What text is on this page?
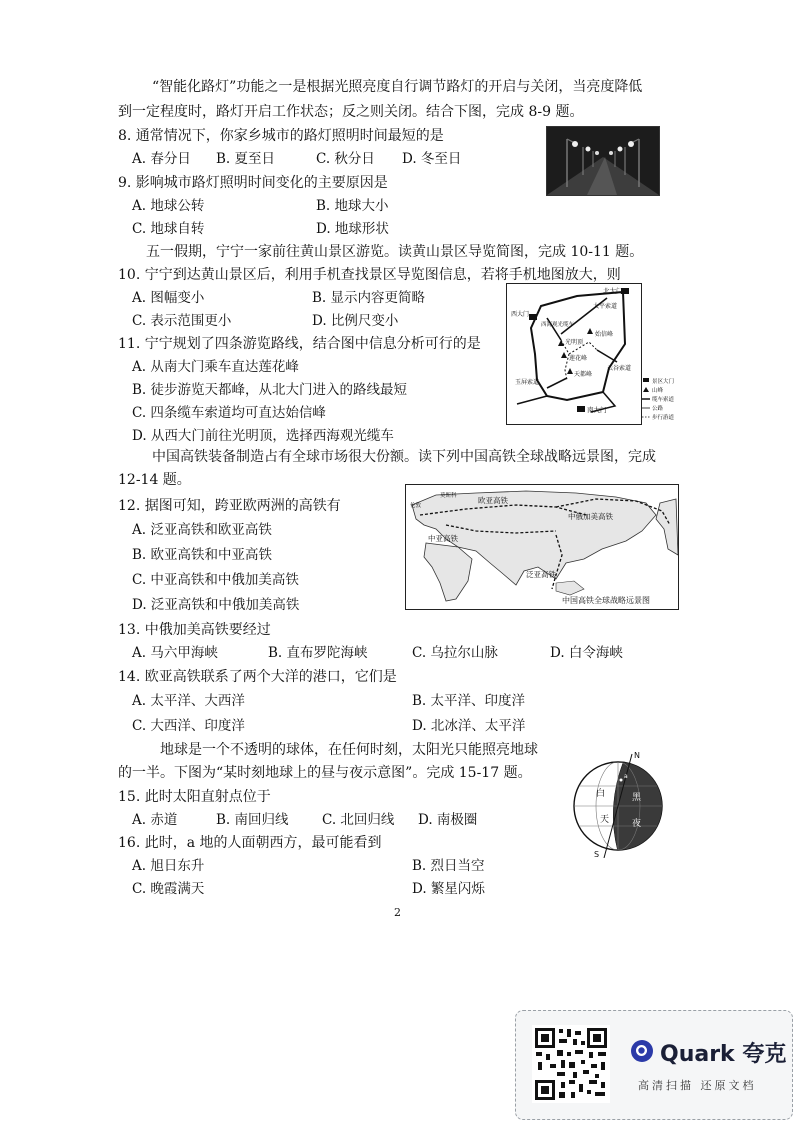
“智能化路灯”功能之一是根据光照亮度自行调节路灯的开启与关闭，当亮度降低
到一定程度时，路灯开启工作状态；反之则关闭。结合下图，完成 8-9 题。
8. 通常情况下，你家乡城市的路灯照明时间最短的是
A. 春分日 B. 夏至日	C. 秋分日 D. 冬至日
9. 影响城市路灯照明时间变化的主要原因是
A. 地球公转	B. 地球大小
C. 地球自转	D. 地球形状
五一假期，宁宁一家前往黄山景区游览。读黄山景区导览简图，完成 10-11 题。
10. 宁宁到达黄山景区后，利用手机查找景区导览图信息，若将手机地图放大，则
A. 图幅变小	B. 显示内容更简略
C. 表示范围更小	D. 比例尺变小
北大门
太平索道
西大门
西海观光缆车
光明顶
始信峰
莲花峰
天都峰
玉屏索道
云谷索道
南大门
景区大门
山峰
缆车索道
公路
步行游道
11. 宁宁规划了四条游览路线，结合图中信息分析可行的是
A. 从南大门乘车直达莲花峰
B. 徒步游览天都峰，从北大门进入的路线最短
C. 四条缆车索道均可直达始信峰
D. 从西大门前往光明顶，选择西海观光缆车
中国高铁装备制造占有全球市场很大份额。读下列中国高铁全球战略远景图，完成
12-14 题。
12. 据图可知，跨亚欧两洲的高铁有
A. 泛亚高铁和欧亚高铁
B. 欧亚高铁和中亚高铁
C. 中亚高铁和中俄加美高铁
D. 泛亚高铁和中俄加美高铁
欧亚高铁
中俄加美高铁
中亚高铁
泛亚高铁
伦敦
莫斯科
中国高铁全球战略远景图
13. 中俄加美高铁要经过
A. 马六甲海峡	B. 直布罗陀海峡	C. 乌拉尔山脉	D. 白令海峡
14. 欧亚高铁联系了两个大洋的港口，它们是
A. 太平洋、大西洋	B. 太平洋、印度洋
C. 大西洋、印度洋	D. 北冰洋、太平洋
地球是一个不透明的球体，在任何时刻，太阳光只能照亮地球
的一半。下图为“某时刻地球上的昼与夜示意图”。完成 15-17 题。
N
S
白
天
黑
夜
a
15. 此时太阳直射点位于
A. 赤道	B. 南回归线 C. 北回归线 D. 南极圈
16. 此时，a 地的人面朝西方，最可能看到
A. 旭日东升	B. 烈日当空
C. 晚霞满天	D. 繁星闪烁
2
Quark 夸克
高清扫描 还原文档
